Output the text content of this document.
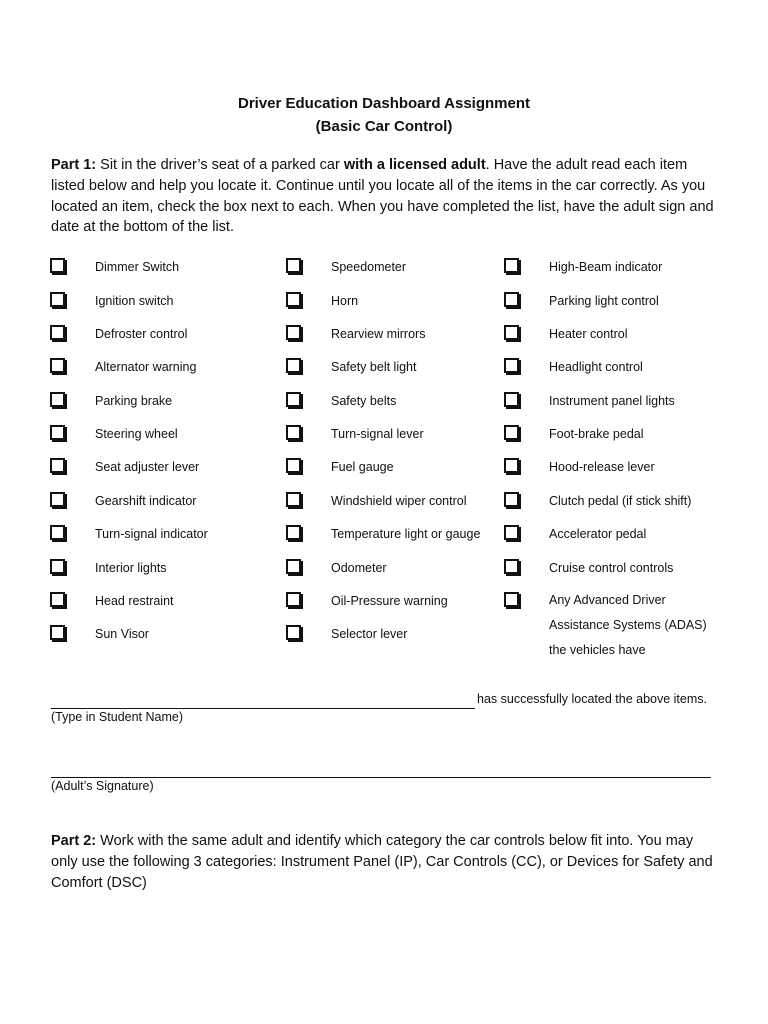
Driver Education Dashboard Assignment
(Basic Car Control)
Part 1: Sit in the driver’s seat of a parked car with a licensed adult. Have the adult read each item listed below and help you locate it. Continue until you locate all of the items in the car correctly. As you located an item, check the box next to each. When you have completed the list, have the adult sign and date at the bottom of the list.
Dimmer Switch
Ignition switch
Defroster control
Alternator warning
Parking brake
Steering wheel
Seat adjuster lever
Gearshift indicator
Turn-signal indicator
Interior lights
Head restraint
Sun Visor
Speedometer
Horn
Rearview mirrors
Safety belt light
Safety belts
Turn-signal lever
Fuel gauge
Windshield wiper control
Temperature light or gauge
Odometer
Oil-Pressure warning
Selector lever
High-Beam indicator
Parking light control
Heater control
Headlight control
Instrument panel lights
Foot-brake pedal
Hood-release lever
Clutch pedal (if stick shift)
Accelerator pedal
Cruise control controls
Any Advanced Driver Assistance Systems (ADAS) the vehicles have
has successfully located the above items.
(Type in Student Name)
(Adult’s Signature)
Part 2: Work with the same adult and identify which category the car controls below fit into. You may only use the following 3 categories: Instrument Panel (IP), Car Controls (CC), or Devices for Safety and Comfort (DSC)
